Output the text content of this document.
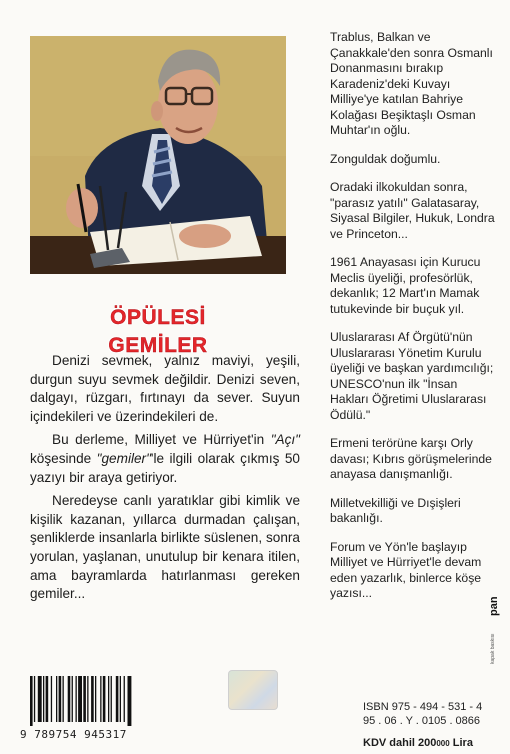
ÖPÜLESİ
GEMİLER

Denizi sevmek, yalnız maviyi, yeşili, durgun suyu sevmek değildir. Denizi seven, dalgayı, rüzgarı, fırtınayı da sever. Suyun içindekileri ve üzerindekileri de.

Bu derleme, Milliyet ve Hürriyet'in "Açı" köşesinde "gemiler"'le ilgili olarak çıkmış 50 yazıyı bir araya getiriyor.

Neredeyse canlı yaratıklar gibi kimlik ve kişilik kazanan, yıllarca durmadan çalışan, şenliklerde insanlarla birlikte süslenen, sonra yorulan, yaşlanan, unutulup bir kenara itilen, ama bayramlarda hatırlanması gereken gemiler...

Trablus, Balkan ve Çanakkale'den sonra Osmanlı Donanmasını bırakıp Karadeniz'deki Kuvayı Milliye'ye katılan Bahriye Kolağası Beşiktaşlı Osman Muhtar'ın oğlu.

Zonguldak doğumlu.

Oradaki ilkokuldan sonra, "parasız yatılı" Galatasaray, Siyasal Bilgiler, Hukuk, Londra ve Princeton...

1961 Anayasası için Kurucu Meclis üyeliği, profesörlük, dekanlık; 12 Mart'ın Mamak tutukevinde bir buçuk yıl.

Uluslararası Af Örgütü'nün Uluslararası Yönetim Kurulu üyeliği ve başkan yardımcılığı; UNESCO'nun ilk "İnsan Hakları Öğretimi Uluslararası Ödülü."

Ermeni terörüne karşı Orly davası; Kıbrıs görüşmelerinde anayasa danışmanlığı.

Milletvekilliği ve Dışişleri bakanlığı.

Forum ve Yön'le başlayıp Milliyet ve Hürriyet'le devam eden yazarlık, binlerce köşe yazısı...

pan
kapak baskısı
9 789754 945317
ISBN 975 - 494 - 531 - 4
95 . 06 . Y . 0105 . 0866
KDV dahil 200000 Lira
